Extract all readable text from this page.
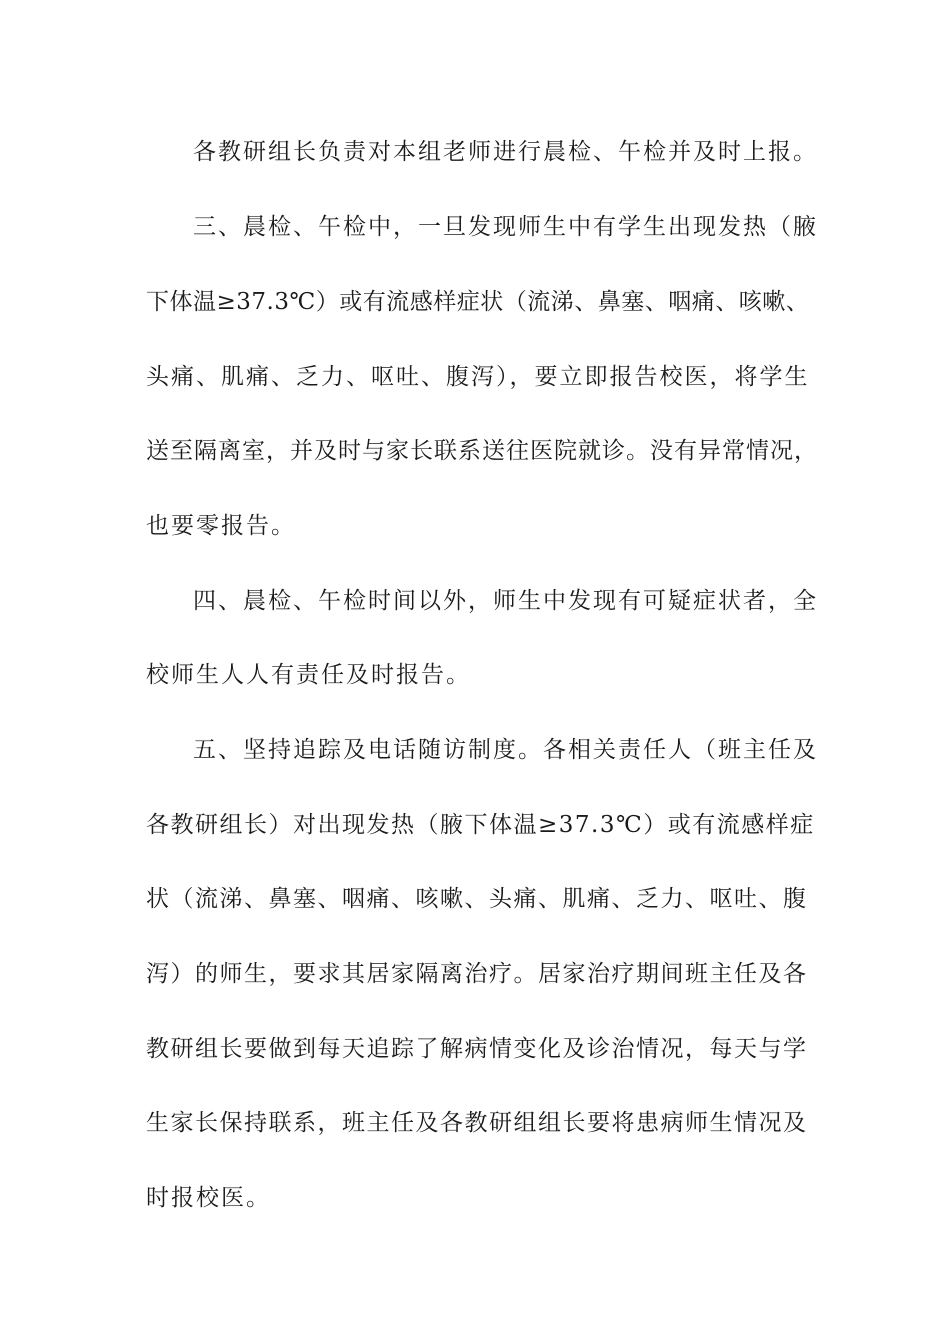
各教研组长负责对本组老师进行晨检、午检并及时上报。
三、晨检、午检中，一旦发现师生中有学生出现发热（腋
下体温≥37.3℃）或有流感样症状（流涕、鼻塞、咽痛、咳嗽、
头痛、肌痛、乏力、呕吐、腹泻），要立即报告校医，将学生
送至隔离室，并及时与家长联系送往医院就诊。没有异常情况，
也要零报告。
四、晨检、午检时间以外，师生中发现有可疑症状者，全
校师生人人有责任及时报告。
五、坚持追踪及电话随访制度。各相关责任人（班主任及
各教研组长）对出现发热（腋下体温≥37.3℃）或有流感样症
状（流涕、鼻塞、咽痛、咳嗽、头痛、肌痛、乏力、呕吐、腹
泻）的师生，要求其居家隔离治疗。居家治疗期间班主任及各
教研组长要做到每天追踪了解病情变化及诊治情况，每天与学
生家长保持联系，班主任及各教研组组长要将患病师生情况及
时报校医。
